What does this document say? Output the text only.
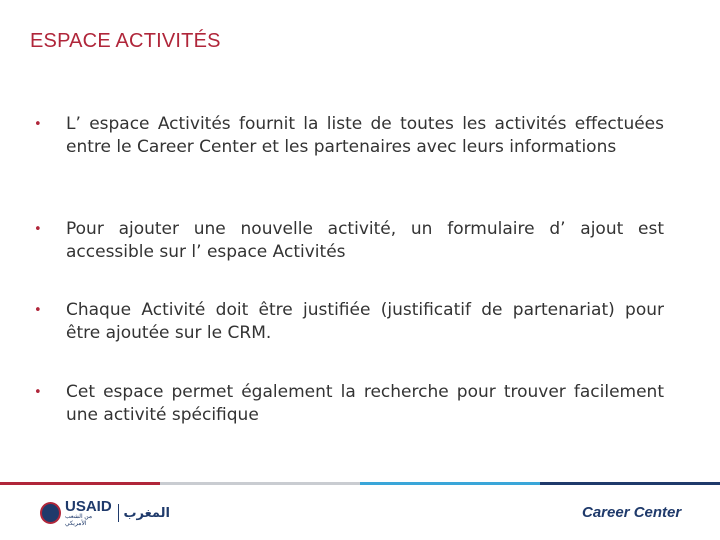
ESPACE ACTIVITÉS
• L’ espace Activités fournit la liste de toutes les activités effectuées entre le Career Center et les partenaires avec leurs informations
• Pour ajouter une nouvelle activité, un formulaire d’ ajout est accessible sur l’ espace Activités
• Chaque Activité doit être justifiée (justificatif de partenariat) pour être ajoutée sur le CRM.
• Cet espace permet également la recherche pour trouver facilement une activité spécifique
USAID
من الشعب الأمريكي
المغرب	Career Center
